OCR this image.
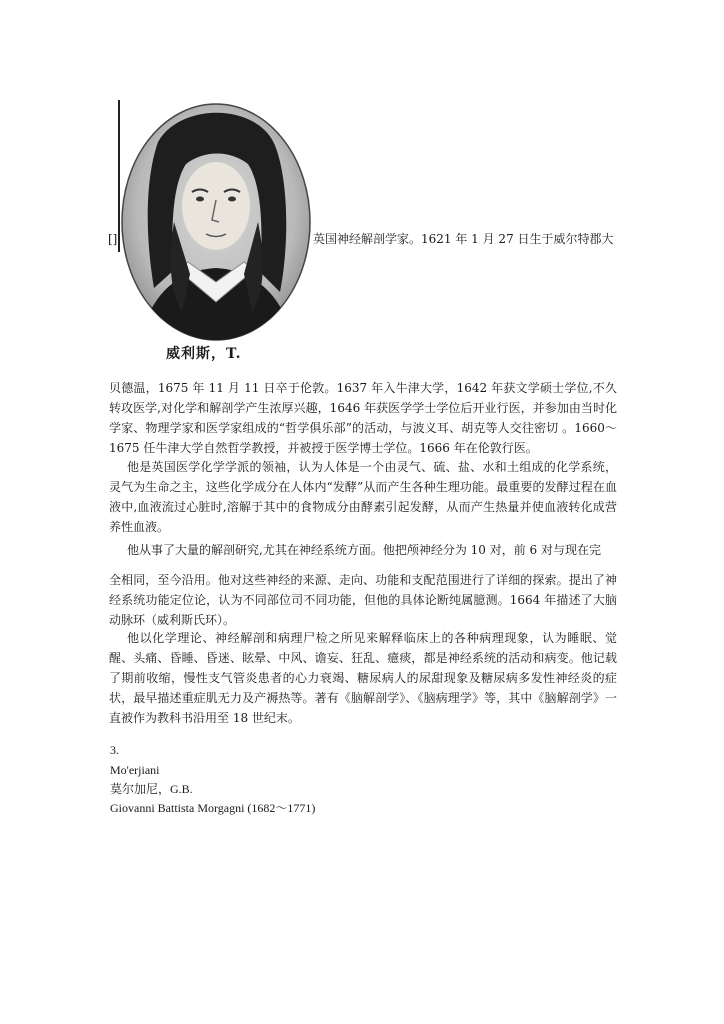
[]
威利斯，T.
英国神经解剖学家。1621 年 1 月 27 日生于威尔特郡大
贝德温，1675 年 11 月 11 日卒于伦敦。1637 年入牛津大学，1642 年获文学硕士学位,不久转攻医学,对化学和解剖学产生浓厚兴趣，1646 年获医学学士学位后开业行医，并参加由当时化学家、物理学家和医学家组成的“哲学俱乐部”的活动，与波义耳、胡克等人交往密切 。1660～1675 任牛津大学自然哲学教授，并被授于医学博士学位。1666 年在伦敦行医。
他是英国医学化学学派的领袖，认为人体是一个由灵气、硫、盐、水和土组成的化学系统，灵气为生命之主，这些化学成分在人体内“发酵”从而产生各种生理功能。最重要的发酵过程在血液中,血液流过心脏时,溶解于其中的食物成分由酵素引起发酵，从而产生热量并使血液转化成营养性血液。
他从事了大量的解剖研究,尤其在神经系统方面。他把颅神经分为 10 对，前 6 对与现在完
全相同，至今沿用。他对这些神经的来源、走向、功能和支配范围进行了详细的探索。提出了神经系统功能定位论，认为不同部位司不同功能，但他的具体论断纯属臆测。1664 年描述了大脑动脉环（威利斯氏环）。
他以化学理论、神经解剖和病理尸检之所见来解释临床上的各种病理现象，认为睡眠、觉醒、头痛、昏睡、昏迷、眩晕、中风、谵妄、狂乱、癔痰，都是神经系统的活动和病变。他记载了期前收缩，慢性支气管炎患者的心力衰竭、糖尿病人的尿甜现象及糖尿病多发性神经炎的症状，最早描述重症肌无力及产褥热等。著有《脑解剖学》、《脑病理学》等，其中《脑解剖学》一直被作为教科书沿用至 18 世纪末。
3.
Mo'erjiani
莫尔加尼，G.B.
Giovanni Battista Morgagni (1682～1771)
